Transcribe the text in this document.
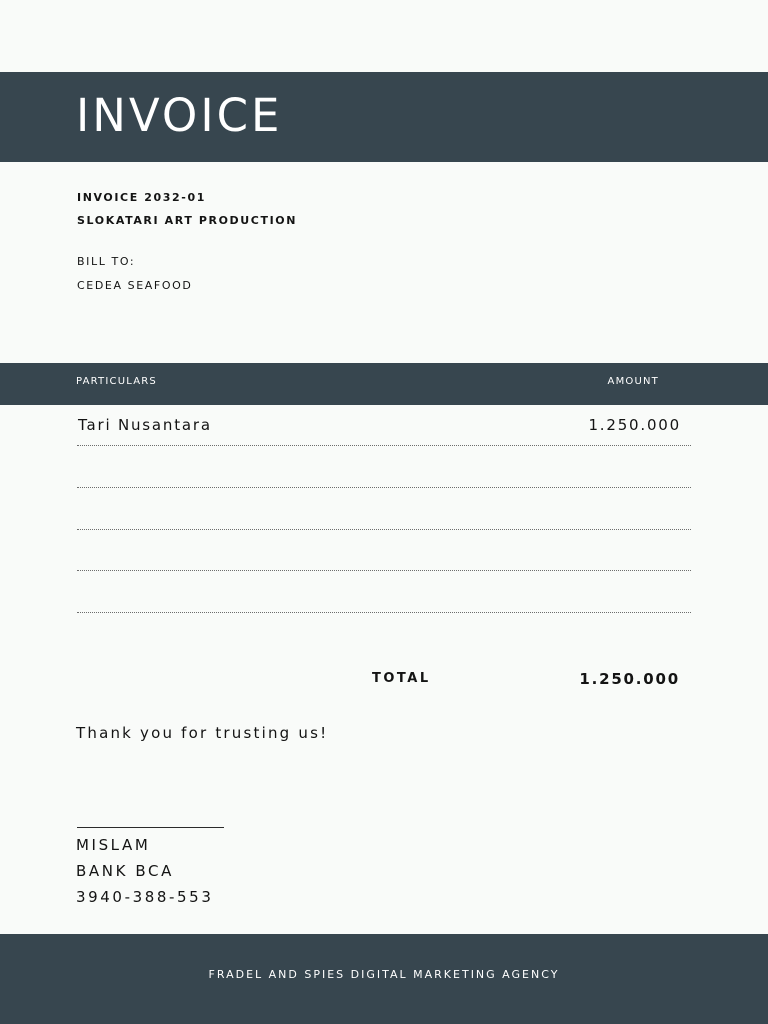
INVOICE
INVOICE 2032-01
SLOKATARI ART PRODUCTION
BILL TO:
CEDEA SEAFOOD
PARTICULARS	AMOUNT
Tari Nusantara	1.250.000
TOTAL	1.250.000
Thank you for trusting us!
MISLAM
BANK BCA
3940-388-553
FRADEL AND SPIES DIGITAL MARKETING AGENCY
